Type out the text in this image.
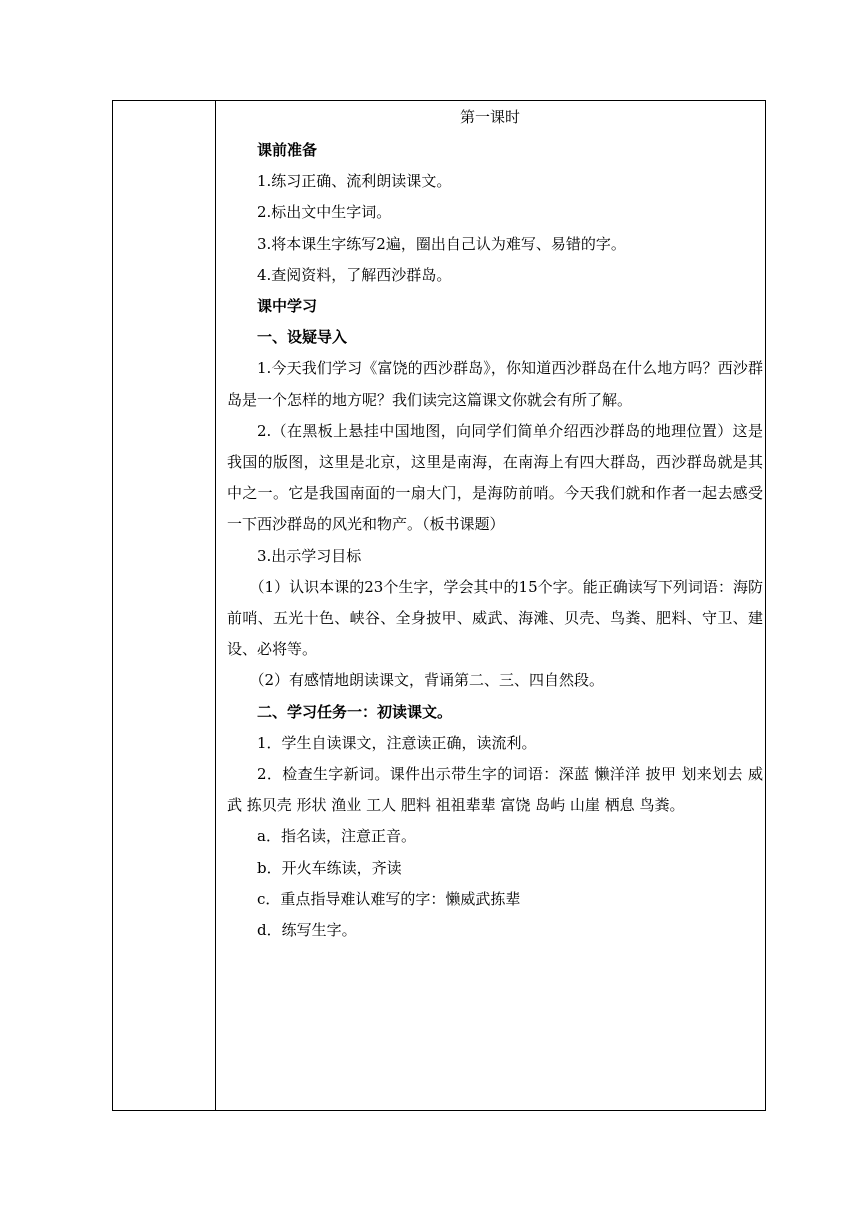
第一课时

课前准备

1.练习正确、流利朗读课文。

2.标出文中生字词。

3.将本课生字练写2遍，圈出自己认为难写、易错的字。

4.查阅资料，了解西沙群岛。

课中学习

一、设疑导入

1.今天我们学习《富饶的西沙群岛》，你知道西沙群岛在什么地方吗？西沙群岛是一个怎样的地方呢？我们读完这篇课文你就会有所了解。

2.（在黑板上悬挂中国地图，向同学们简单介绍西沙群岛的地理位置）这是我国的版图，这里是北京，这里是南海，在南海上有四大群岛，西沙群岛就是其中之一。它是我国南面的一扇大门，是海防前哨。今天我们就和作者一起去感受一下西沙群岛的风光和物产。（板书课题）

3.出示学习目标

（1）认识本课的23个生字，学会其中的15个字。能正确读写下列词语：海防前哨、五光十色、峡谷、全身披甲、威武、海滩、贝壳、鸟粪、肥料、守卫、建设、必将等。

（2）有感情地朗读课文，背诵第二、三、四自然段。

二、学习任务一：初读课文。

1．学生自读课文，注意读正确，读流利。

2．检查生字新词。课件出示带生字的词语：深蓝 懒洋洋 披甲 划来划去 威武 拣贝壳 形状 渔业 工人 肥料 祖祖辈辈 富饶 岛屿 山崖 栖息 鸟粪。

a．指名读，注意正音。

b．开火车练读，齐读

c．重点指导难认难写的字：懒威武拣辈

d．练写生字。
